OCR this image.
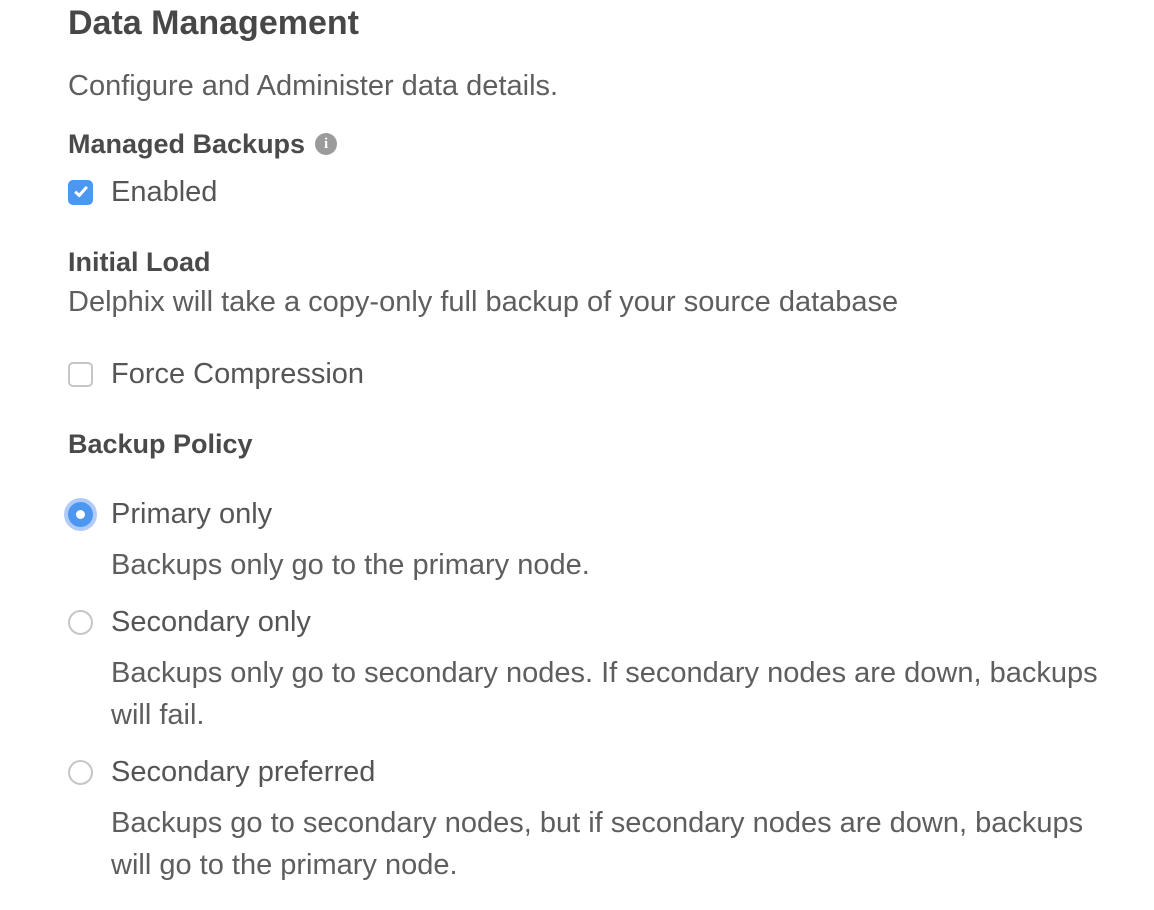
Data Management

Configure and Administer data details.

Managed Backups	i
Enabled
Initial Load

Delphix will take a copy-only full backup of your source database

Force Compression
Backup Policy
Primary only

Backups only go to the primary node.

Secondary only

Backups only go to secondary nodes. If secondary nodes are down, backups will fail.

Secondary preferred

Backups go to secondary nodes, but if secondary nodes are down, backups will go to the primary node.
